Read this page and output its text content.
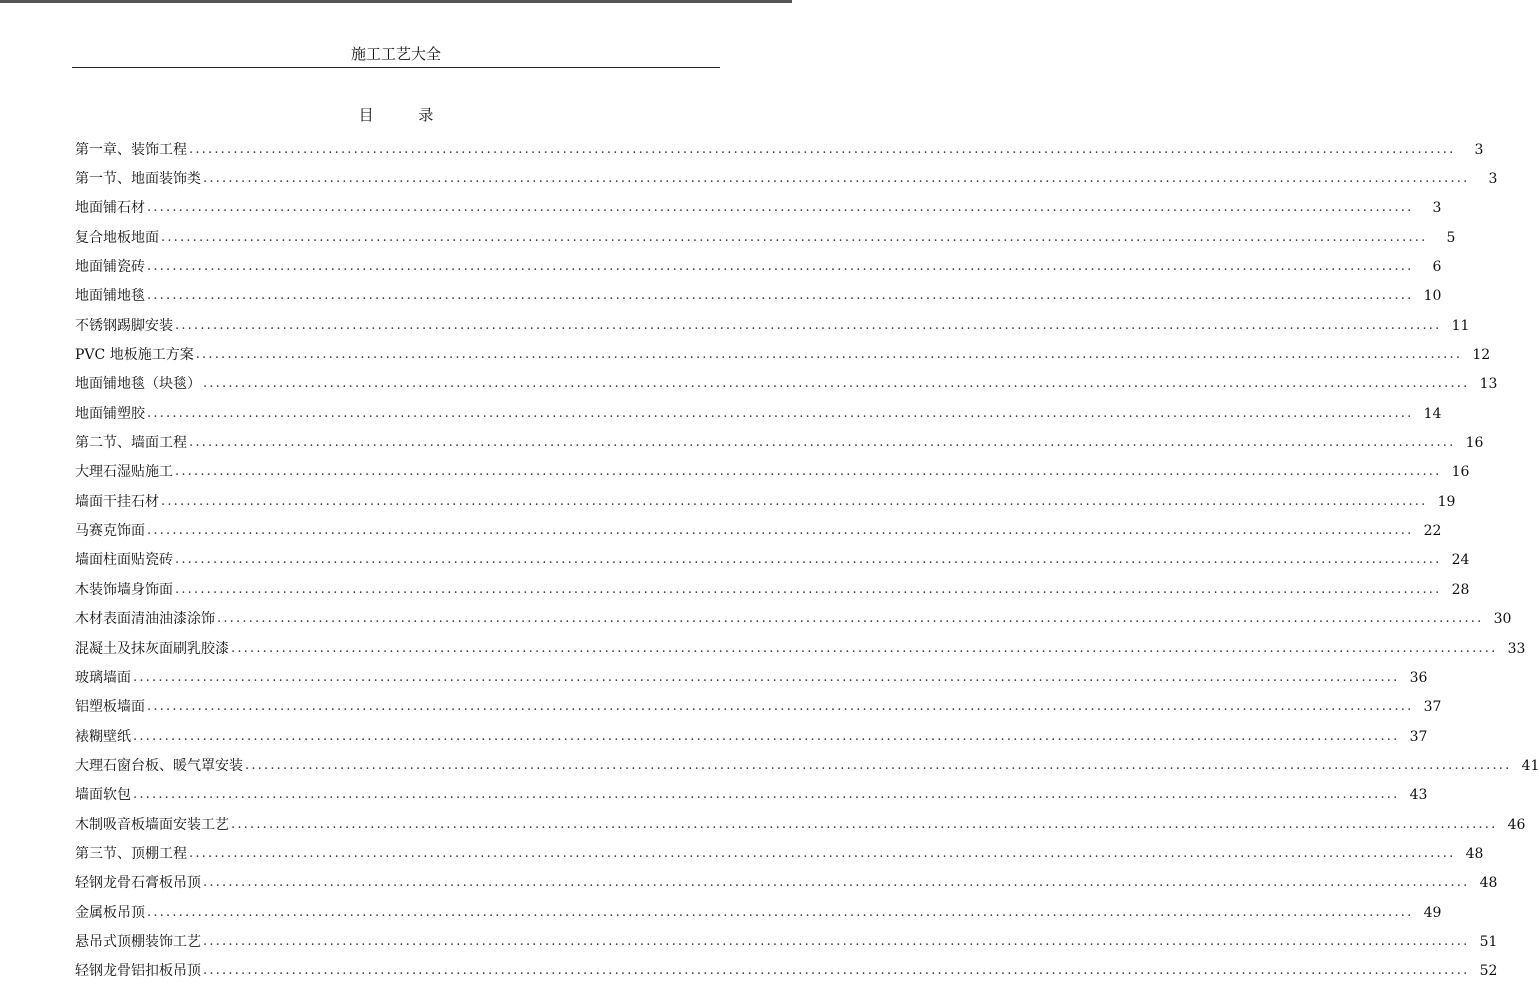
施工工艺大全
目 录
第一章、装饰工程 ........................................................................................................................................................................................................	3
第一节、地面装饰类 ........................................................................................................................................................................................................	3
地面铺石材 ........................................................................................................................................................................................................	3
复合地板地面 ........................................................................................................................................................................................................	5
地面铺瓷砖 ........................................................................................................................................................................................................	6
地面铺地毯 ........................................................................................................................................................................................................ 10
不锈钢踢脚安装 ........................................................................................................................................................................................................ 11
PVC 地板施工方案 ........................................................................................................................................................................................................ 12
地面铺地毯（块毯） ........................................................................................................................................................................................................ 13
地面铺塑胶 ........................................................................................................................................................................................................ 14
第二节、墙面工程 ........................................................................................................................................................................................................ 16
大理石湿贴施工 ........................................................................................................................................................................................................ 16
墙面干挂石材 ........................................................................................................................................................................................................ 19
马赛克饰面 ........................................................................................................................................................................................................ 22
墙面柱面贴瓷砖 ........................................................................................................................................................................................................ 24
木装饰墙身饰面 ........................................................................................................................................................................................................ 28
木材表面清油油漆涂饰 ........................................................................................................................................................................................................ 30
混凝土及抹灰面刷乳胶漆 ........................................................................................................................................................................................................ 33
玻璃墙面 ........................................................................................................................................................................................................ 36
铝塑板墙面 ........................................................................................................................................................................................................ 37
裱糊壁纸 ........................................................................................................................................................................................................ 37
大理石窗台板、暖气罩安装 ........................................................................................................................................................................................................ 41
墙面软包 ........................................................................................................................................................................................................ 43
木制吸音板墙面安装工艺 ........................................................................................................................................................................................................ 46
第三节、顶棚工程 ........................................................................................................................................................................................................ 48
轻钢龙骨石膏板吊顶 ........................................................................................................................................................................................................ 48
金属板吊顶 ........................................................................................................................................................................................................ 49
悬吊式顶棚装饰工艺 ........................................................................................................................................................................................................ 51
轻钢龙骨铝扣板吊顶 ........................................................................................................................................................................................................ 52
